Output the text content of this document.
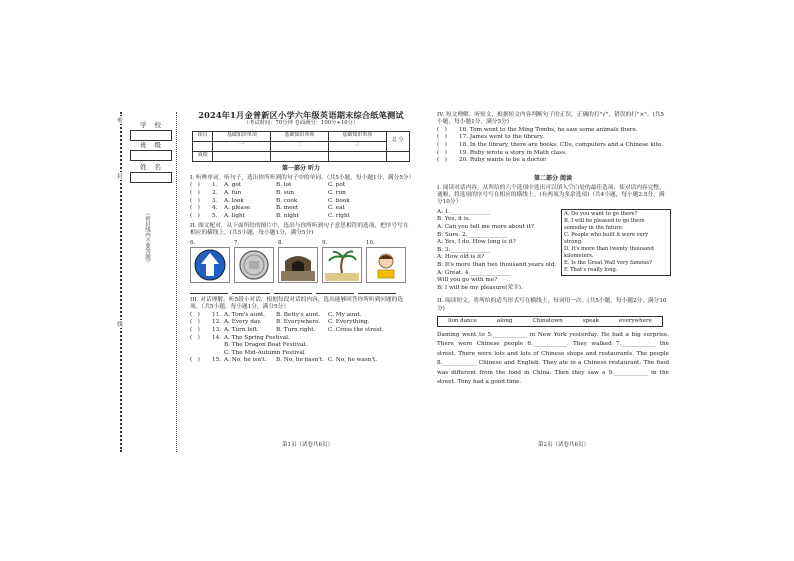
密
封
线
学 校
班 级
姓 名
（密封线内不要答题）
2024年1月金普新区小学六年级英语期末综合纸笔测试
（考试时间：70分钟 卷面满分：100分+10分）
项目	基础知识单项	基础知识单项	基础知识单项	总 分
	一	二	三	
成绩				
第一部分 听力
I. 听辨单词。听句子，选出你所听到的句子中的单词。（共5小题，每小题1分，满分5分）
(   )	1.	A. got	B. lot	C. pot
(   )	2.	A. fun	B. sun	C. run
(   )	3.	A. look	B. cook	C. book
(   )	4.	A. please	B. meet	C. eat
(   )	5.	A. light	B. night	C. right
II. 图文配对，从下面所给的图片中，选出与你所听到句子意思相符的选项，把序号写在相应的横线上。(共5小题，每小题1分，满分5分)
6.	7.	8.	9.	10.
III. 对话理解。听5段小对话，根据每段对话的内容，选出能够回答你所听到问题的选项。（共5小题，每小题1分，满分5分）
(   )	11. A. Tom's aunt.	B. Betty's aunt.	C. My aunt.
(   )	12. A. Every day.	B. Everywhere.	C. Everything.
(   )	13. A. Turn left.	B. Turn right.	C. Cross the street.
(   )	14. A. The Spring Festival.
B. The Dragon Boat Festival.
C. The Mid-Autumn Festival
(   )	15. A. No, he isn't.	B. No, he hasn't. C. No, he wasn't.
第1页（试卷共6页）
IV. 短文理解。听短文，根据短文内容判断句子的正误，正确的打"√"，错误的打"×"。(共5小题，每小题1分，满分5分)
(   )	16. Tom went to the Ming Tombs, he saw some animals there.
(   )	17. James went to the library.
(   )	18. In the library, there are books, CDs, computers and a Chinese kite.
(   )	19. Ruby wrote a story in Math class.
(   )	20. Ruby wants to be a doctor.
第二部分 阅读
I. 阅读对话内容，从所给的六个选项中选出可以填入空白处的最佳选项，使对话内容完整、通顺，将选项的序号写在相应的横线上。(有两项为多余选项)（共4小题，每小题2.5分，满分10分）
A: 1.______________
B: Yes, it is.
A: Can you tell me more about it?
B: Sure. 2.______________
A: Yes, I do. How long is it?
B: 3.______________
A: How old is it?
B: It's more than two thousand years old.
A: Great. 4.______________
Will you go with me?
B: I will be my pleasure(荣幸).
A. Do you want to go there?
B. I will be pleased to go there someday in the future.
C. People who built it were very strong.
D. It's more than twenty thousand kilometers.
E. Is the Great Wall very famous?
F. That's really long.
II. 阅读短文，将所给的适当形式写在横线上，每词用一次。(共5小题，每小题2分，满分10分)
lion dance	along	Chinatown	speak	everywhere
Daming went to 5.____________ in New York yesterday. He had a big surprise. There were Chinese people 6.____________. They walked 7.____________ the street. There were lots and lots of Chinese shops and restaurants. The people 8.____________ Chinese and English. They ate in a Chinese restaurant. The food was different from the food in China. Then they saw a 9.____________ in the street. Tony had a good time.
第2页（试卷共6页）
